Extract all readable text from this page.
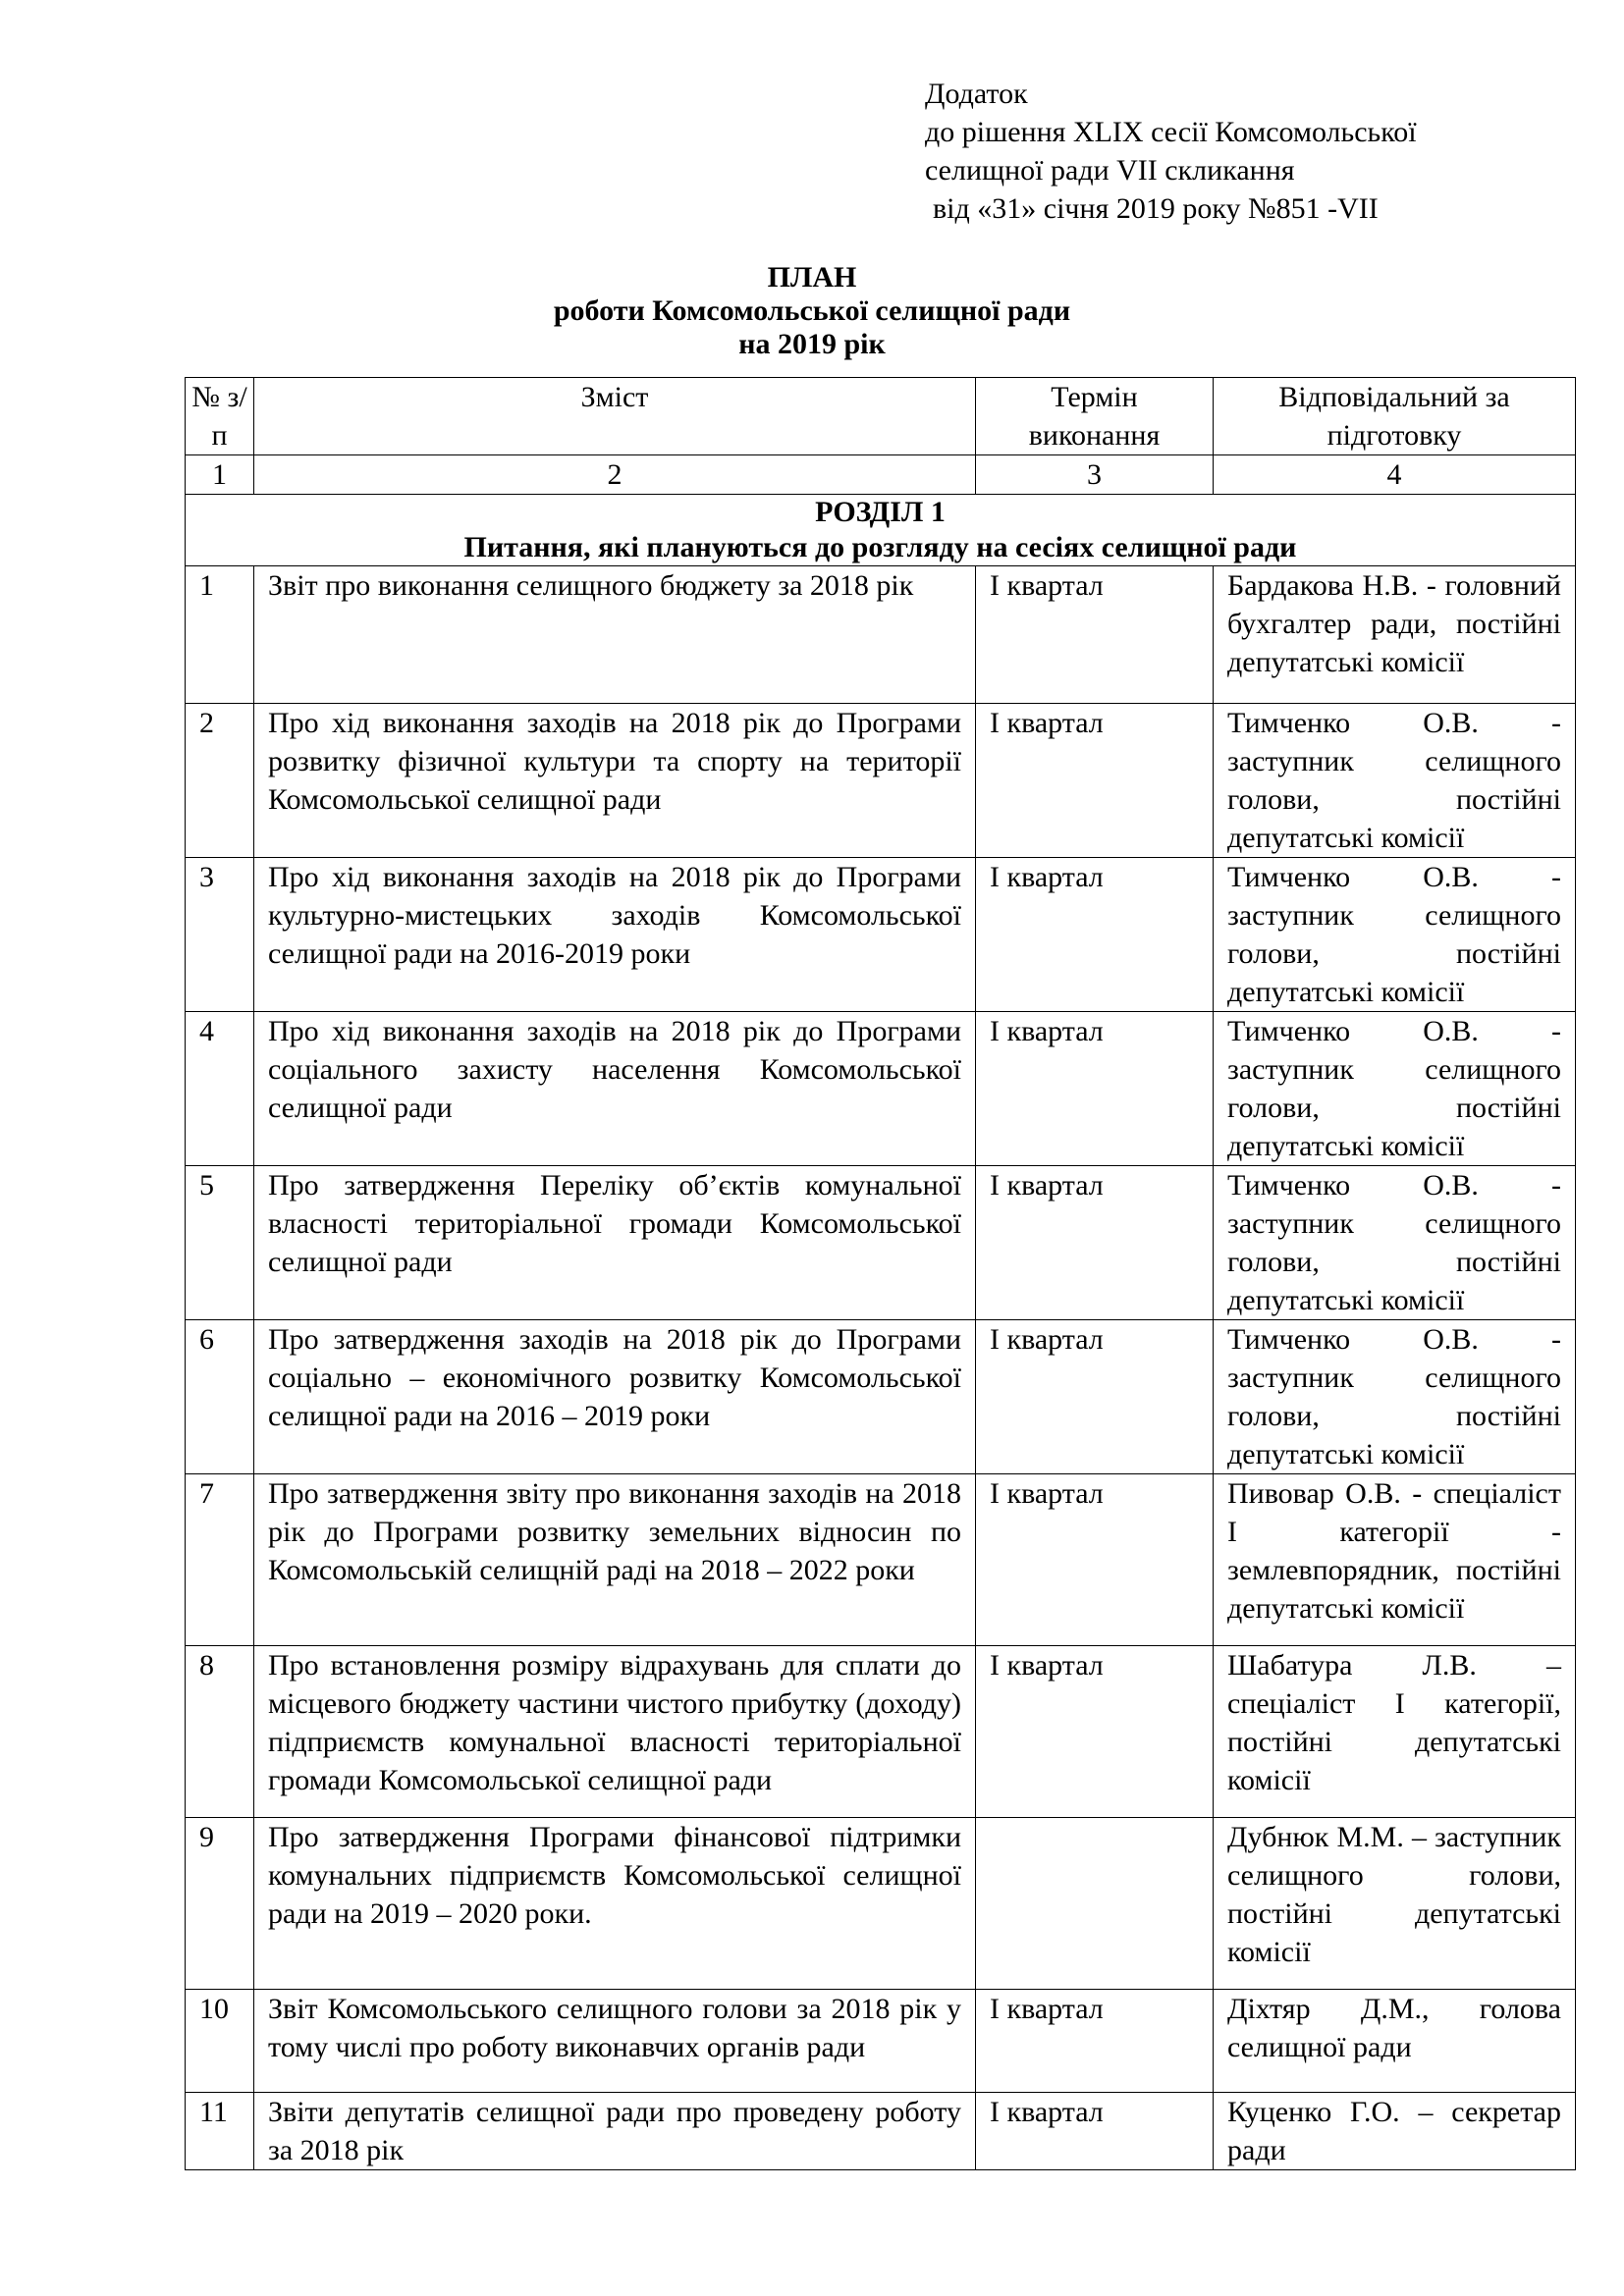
Додаток
до рішення XLIX сесії Комсомольської
селищної ради VII скликання
від «31» січня 2019 року №851 -VII
ПЛАН
роботи Комсомольської селищної ради
на 2019 рік
№ з/п	Зміст	Термін виконання	Відповідальний за підготовку
1	2	3	4

РОЗДІЛ 1
Питання, які плануються до розгляду на сесіях селищної ради			

1	Звіт про виконання селищного бюджету за 2018 рік	І квартал	Бардакова Н.В. - головний бухгалтер ради, постійні депутатські комісії
2	Про хід виконання заходів на 2018 рік до Програми розвитку фізичної культури та спорту на території Комсомольської селищної ради	І квартал	Тимченко О.В. - заступник селищного голови, постійні депутатські комісії
3	Про хід виконання заходів на 2018 рік до Програми культурно-мистецьких заходів Комсомольської селищної ради на 2016-2019 роки	І квартал	Тимченко О.В. - заступник селищного голови, постійні депутатські комісії
4	Про хід виконання заходів на 2018 рік до Програми соціального захисту населення Комсомольської селищної ради	І квартал	Тимченко О.В. - заступник селищного голови, постійні депутатські комісії
5	Про затвердження Переліку об’єктів комунальної власності територіальної громади Комсомольської селищної ради	І квартал	Тимченко О.В. - заступник селищного голови, постійні депутатські комісії
6	Про затвердження заходів на 2018 рік до Програми соціально – економічного розвитку Комсомольської селищної ради на 2016 – 2019 роки	І квартал	Тимченко О.В. - заступник селищного голови, постійні депутатські комісії
7	Про затвердження звіту про виконання заходів на 2018 рік до Програми розвитку земельних відносин по Комсомольській селищній раді на 2018 – 2022 роки	І квартал	Пивовар О.В. - спеціаліст І категорії - землевпорядник, постійні депутатські комісії
8	Про встановлення розміру відрахувань для сплати до місцевого бюджету частини чистого прибутку (доходу) підприємств комунальної власності територіальної громади Комсомольської селищної ради	І квартал	Шабатура Л.В. – спеціаліст І категорії, постійні депутатські комісії
9	Про затвердження Програми фінансової підтримки комунальних підприємств Комсомольської селищної ради на 2019 – 2020 роки.		Дубнюк М.М. – заступник селищного голови, постійні депутатські комісії
10	Звіт Комсомольського селищного голови за 2018 рік у тому числі про роботу виконавчих органів ради	І квартал	Діхтяр Д.М., голова селищної ради
11	Звіти депутатів селищної ради про проведену роботу за 2018 рік	І квартал	Куценко Г.О. – секретар ради
